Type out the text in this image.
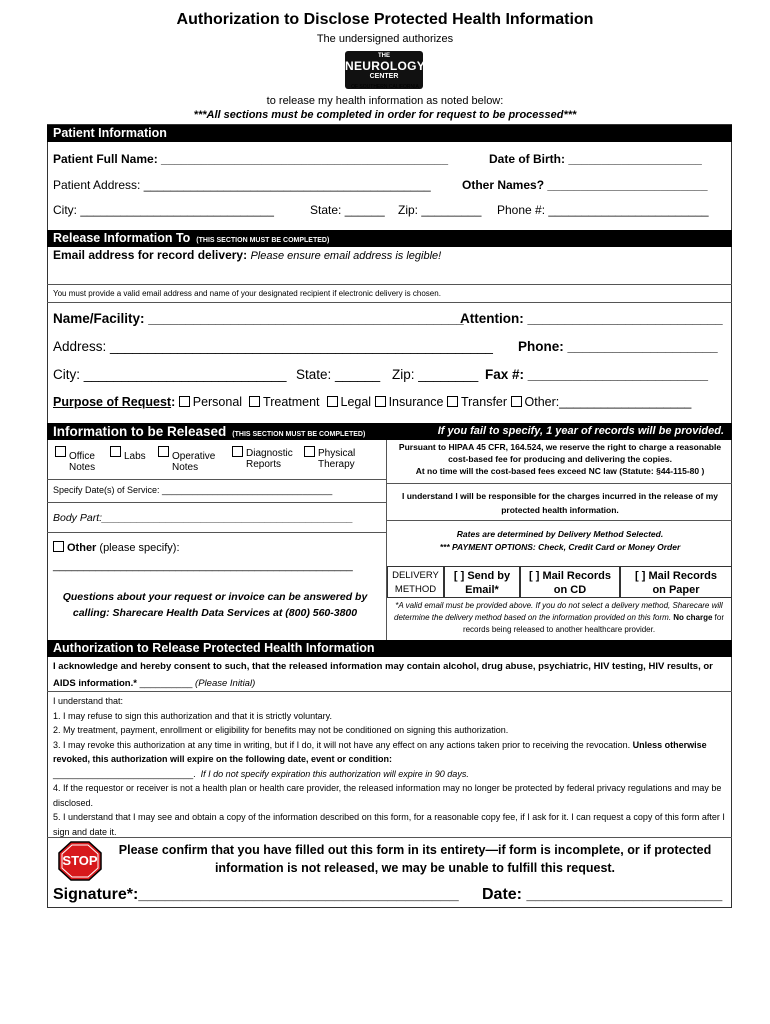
Authorization to Disclose Protected Health Information
The undersigned authorizes
THE
NEUROLOGY
CENTER
OF SOUTHERN CALIFORNIA
to release my health information as noted below:
***All sections must be completed in order for request to be processed***
Patient Information
Patient Full Name: ___________________________________________	Date of Birth: ____________________
Patient Address: ___________________________________________	Other Names? ________________________
City: _____________________________	State: ______ Zip: _________ Phone #: ________________________
Release Information To (THIS SECTION MUST BE COMPLETED)
Email address for record delivery: Please ensure email address is legible!
You must provide a valid email address and name of your designated recipient if electronic delivery is chosen.
Name/Facility: __________________________________________
Attention: __________________________
Address: ___________________________________________________ Phone: ____________________
City: ___________________________ State: ______ Zip: ________ Fax #: ________________________
Purpose of Request: Personal Treatment Legal Insurance Transfer Other:___________________
Information to be Released (THIS SECTION MUST BE COMPLETED)	If you fail to specify, 1 year of records will be provided.
Office
Notes
Labs	Operative
Notes
Diagnostic
Reports
Physical
Therapy
Specify Date(s) of Service: __________________________________
Body Part:___________________________________________
Other (please specify):
_________________________________________________
Questions about your request or invoice can be answered by calling: Sharecare Health Data Services at (800) 560-3800
Pursuant to HIPAA 45 CFR, 164.524, we reserve the right to charge a reasonable cost-based fee for producing and delivering the copies.
At no time will the cost-based fees exceed NC law (Statute: §44-115-80 )
I understand I will be responsible for the charges incurred in the release of my protected health information.
Rates are determined by Delivery Method Selected.
*** PAYMENT OPTIONS: Check, Credit Card or Money Order
DELIVERY
METHOD
[ ] Send by
Email*
[ ] Mail Records
on CD
[ ] Mail Records
on Paper
*A valid email must be provided above. If you do not select a delivery method, Sharecare will determine the delivery method based on the information provided on this form. No charge for records being released to another healthcare provider.
Authorization to Release Protected Health Information
I acknowledge and hereby consent to such, that the released information may contain alcohol, drug abuse, psychiatric, HIV testing, HIV results, or AIDS information.* __________ (Please Initial)
I understand that:
1. I may refuse to sign this authorization and that it is strictly voluntary.
2. My treatment, payment, enrollment or eligibility for benefits may not be conditioned on signing this authorization.
3. I may revoke this authorization at any time in writing, but if I do, it will not have any effect on any actions taken prior to receiving the revocation. Unless otherwise revoked, this authorization will expire on the following date, event or condition:
____________________________. If I do not specify expiration this authorization will expire in 90 days.
4. If the requestor or receiver is not a health plan or health care provider, the released information may no longer be protected by federal privacy regulations and may be disclosed.
5. I understand that I may see and obtain a copy of the information described on this form, for a reasonable copy fee, if I ask for it. I can request a copy of this form after I sign and date it.
STOP
Please confirm that you have filled out this form in its entirety—if form is incomplete, or if protected information is not released, we may be unable to fulfill this request.
Signature*:____________________________________ Date: ______________________
